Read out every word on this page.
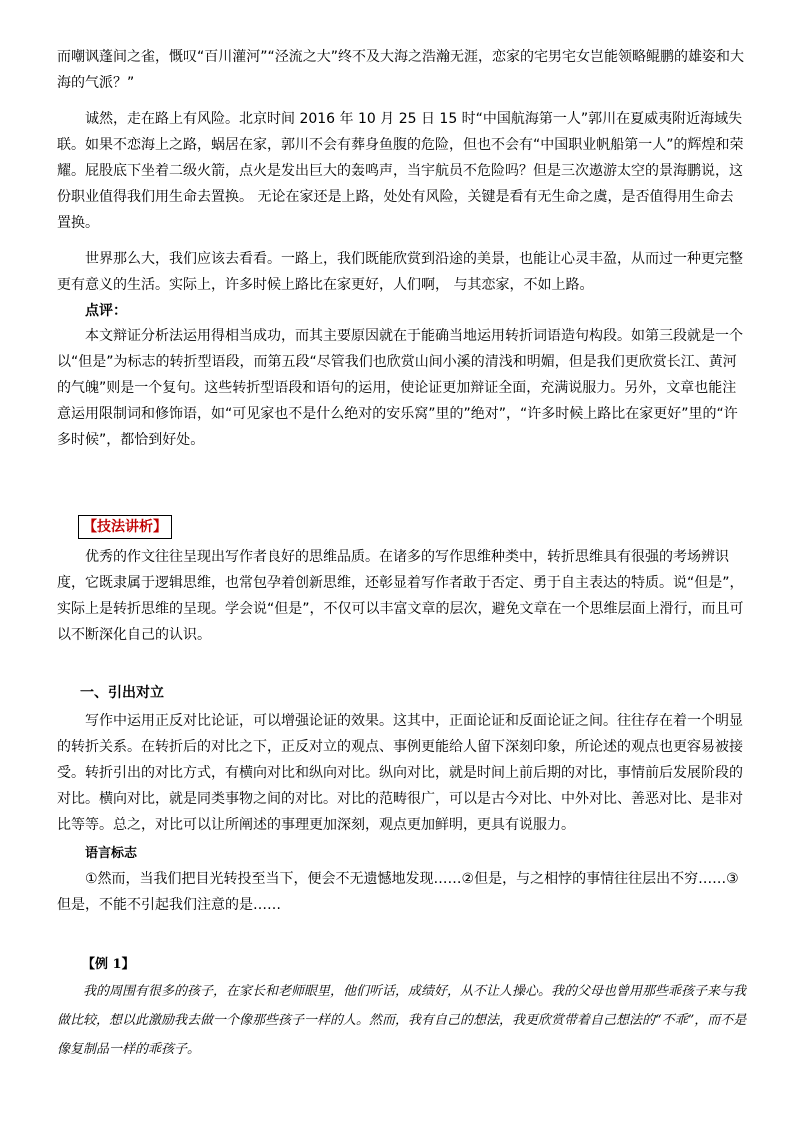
而嘲讽蓬间之雀，慨叹“百川灌河”“泾流之大”终不及大海之浩瀚无涯，恋家的宅男宅女岂能领略鲲鹏的雄姿和大海的气派？”

诚然，走在路上有风险。北京时间 2016 年 10 月 25 日 15 时“中国航海第一人”郭川在夏威夷附近海域失联。如果不恋海上之路，蜗居在家，郭川不会有葬身鱼腹的危险，但也不会有“中国职业帆船第一人”的辉煌和荣耀。屁股底下坐着二级火箭，点火是发出巨大的轰鸣声，当宇航员不危险吗？但是三次遨游太空的景海鹏说，这份职业值得我们用生命去置换。 无论在家还是上路，处处有风险，关键是看有无生命之虞，是否值得用生命去置换。

世界那么大，我们应该去看看。一路上，我们既能欣赏到沿途的美景，也能让心灵丰盈，从而过一种更完整更有意义的生活。实际上，许多时候上路比在家更好，人们啊， 与其恋家，不如上路。

点评：

本文辩证分析法运用得相当成功，而其主要原因就在于能确当地运用转折词语造句构段。如第三段就是一个以“但是”为标志的转折型语段，而第五段“尽管我们也欣赏山间小溪的清浅和明媚，但是我们更欣赏长江、黄河的气魄”则是一个复句。这些转折型语段和语句的运用，使论证更加辩证全面，充满说服力。另外，文章也能注意运用限制词和修饰语，如“可见家也不是什么绝对的安乐窝”里的”绝对”，“许多时候上路比在家更好”里的“许多时候”，都恰到好处。

【技法讲析】

优秀的作文往往呈现出写作者良好的思维品质。在诸多的写作思维种类中，转折思维具有很强的考场辨识度，它既隶属于逻辑思维，也常包孕着创新思维，还彰显着写作者敢于否定、勇于自主表达的特质。说“但是”，实际上是转折思维的呈现。学会说“但是”，不仅可以丰富文章的层次，避免文章在一个思维层面上滑行，而且可以不断深化自己的认识。

一、引出对立

写作中运用正反对比论证，可以增强论证的效果。这其中，正面论证和反面论证之间。往往存在着一个明显的转折关系。在转折后的对比之下，正反对立的观点、事例更能给人留下深刻印象，所论述的观点也更容易被接受。转折引出的对比方式，有横向对比和纵向对比。纵向对比，就是时间上前后期的对比，事情前后发展阶段的对比。横向对比，就是同类事物之间的对比。对比的范畴很广，可以是古今对比、中外对比、善恶对比、是非对比等等。总之，对比可以让所阐述的事理更加深刻，观点更加鲜明，更具有说服力。

语言标志

①然而，当我们把目光转投至当下，便会不无遗憾地发现……②但是，与之相悖的事情往往层出不穷……③但是，不能不引起我们注意的是……

【例 1】

我的周围有很多的孩子，在家长和老师眼里，他们听话，成绩好，从不让人操心。我的父母也曾用那些乖孩子来与我做比较，想以此激励我去做一个像那些孩子一样的人。然而，我有自己的想法，我更欣赏带着自己想法的“不乖”，而不是像复制品一样的乖孩子。
